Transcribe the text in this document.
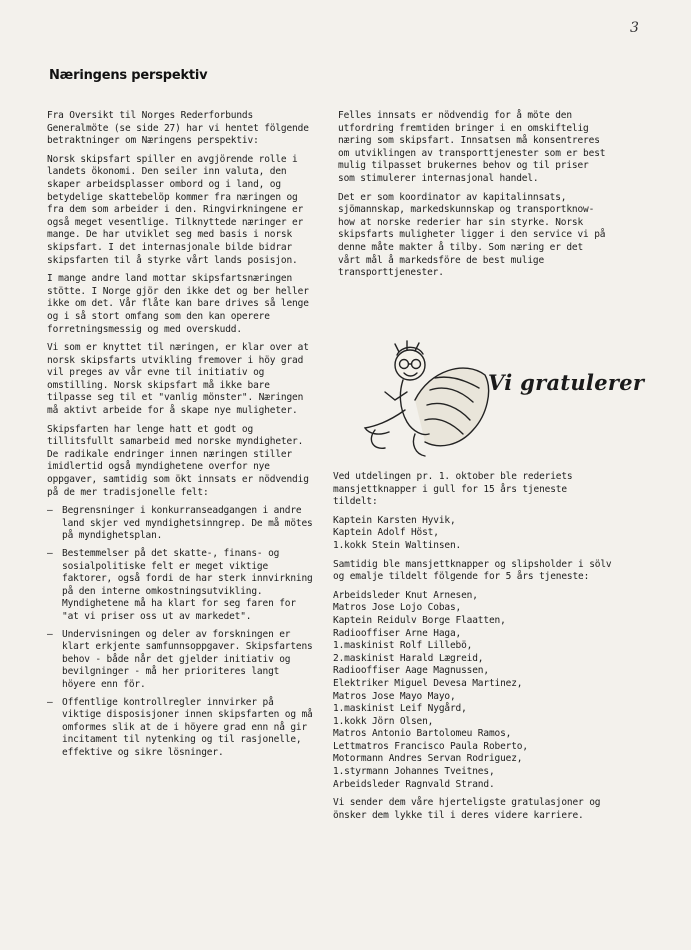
3
Næringens perspektiv

Fra Oversikt til Norges Rederforbunds Generalmöte (se side 27) har vi hentet fölgende betraktninger om Næringens perspektiv:

Norsk skipsfart spiller en avgjörende rolle i landets ökonomi. Den seiler inn valuta, den skaper arbeidsplasser ombord og i land, og betydelige skattebelöp kommer fra næringen og fra dem som arbeider i den. Ringvirkningene er også meget vesentlige. Tilknyttede næringer er mange. De har utviklet seg med basis i norsk skipsfart. I det internasjonale bilde bidrar skipsfarten til å styrke vårt lands posisjon.

I mange andre land mottar skipsfartsnæringen stötte. I Norge gjör den ikke det og ber heller ikke om det. Vår flåte kan bare drives så lenge og i så stort omfang som den kan operere forretningsmessig og med overskudd.

Vi som er knyttet til næringen, er klar over at norsk skipsfarts utvikling fremover i höy grad vil preges av vår evne til initiativ og omstilling. Norsk skipsfart må ikke bare tilpasse seg til et "vanlig mönster". Næringen må aktivt arbeide for å skape nye muligheter.

Skipsfarten har lenge hatt et godt og tillitsfullt samarbeid med norske myndigheter. De radikale endringer innen næringen stiller imidlertid også myndighetene overfor nye oppgaver, samtidig som ökt innsats er nödvendig på de mer tradisjonelle felt:

– Begrensninger i konkurranseadgangen i andre land skjer ved myndighetsinngrep. De må mötes på myndighetsplan.
– Bestemmelser på det skatte-, finans- og sosialpolitiske felt er meget viktige faktorer, også fordi de har sterk innvirkning på den interne omkostningsutvikling. Myndighetene må ha klart for seg faren for "at vi priser oss ut av markedet".
– Undervisningen og deler av forskningen er klart erkjente samfunnsoppgaver. Skipsfartens behov - både når det gjelder initiativ og bevilgninger - må her prioriteres langt höyere enn för.
– Offentlige kontrollregler innvirker på viktige disposisjoner innen skipsfarten og må omformes slik at de i höyere grad enn nå gir incitament til nytenking og til rasjonelle, effektive og sikre lösninger.

Felles innsats er nödvendig for å möte den utfordring fremtiden bringer i en omskiftelig næring som skipsfart. Innsatsen må konsentreres om utviklingen av transporttjenester som er best mulig tilpasset brukernes behov og til priser som stimulerer internasjonal handel.

Det er som koordinator av kapitalinnsats, sjömannskap, markedskunnskap og transportknow-how at norske rederier har sin styrke. Norsk skipsfarts muligheter ligger i den service vi på denne måte makter å tilby. Som næring er det vårt mål å markedsföre de best mulige transporttjenester.

Vi gratulerer

Ved utdelingen pr. 1. oktober ble rederiets mansjettknapper i gull for 15 års tjeneste tildelt:

Kaptein Karsten Hyvik,
Kaptein Adolf Höst,
1.kokk Stein Waltinsen.

Samtidig ble mansjettknapper og slipsholder i sölv og emalje tildelt fölgende for 5 års tjeneste:

Arbeidsleder Knut Arnesen,
Matros Jose Lojo Cobas,
Kaptein Reidulv Borge Flaatten,
Radiooffiser Arne Haga,
1.maskinist Rolf Lillebö,
2.maskinist Harald Lægreid,
Radiooffiser Aage Magnussen,
Elektriker Miguel Devesa Martinez,
Matros Jose Mayo Mayo,
1.maskinist Leif Nygård,
1.kokk Jörn Olsen,
Matros Antonio Bartolomeu Ramos,
Lettmatros Francisco Paula Roberto,
Motormann Andres Servan Rodriguez,
1.styrmann Johannes Tveitnes,
Arbeidsleder Ragnvald Strand.

Vi sender dem våre hjerteligste gratulasjoner og önsker dem lykke til i deres videre karriere.
